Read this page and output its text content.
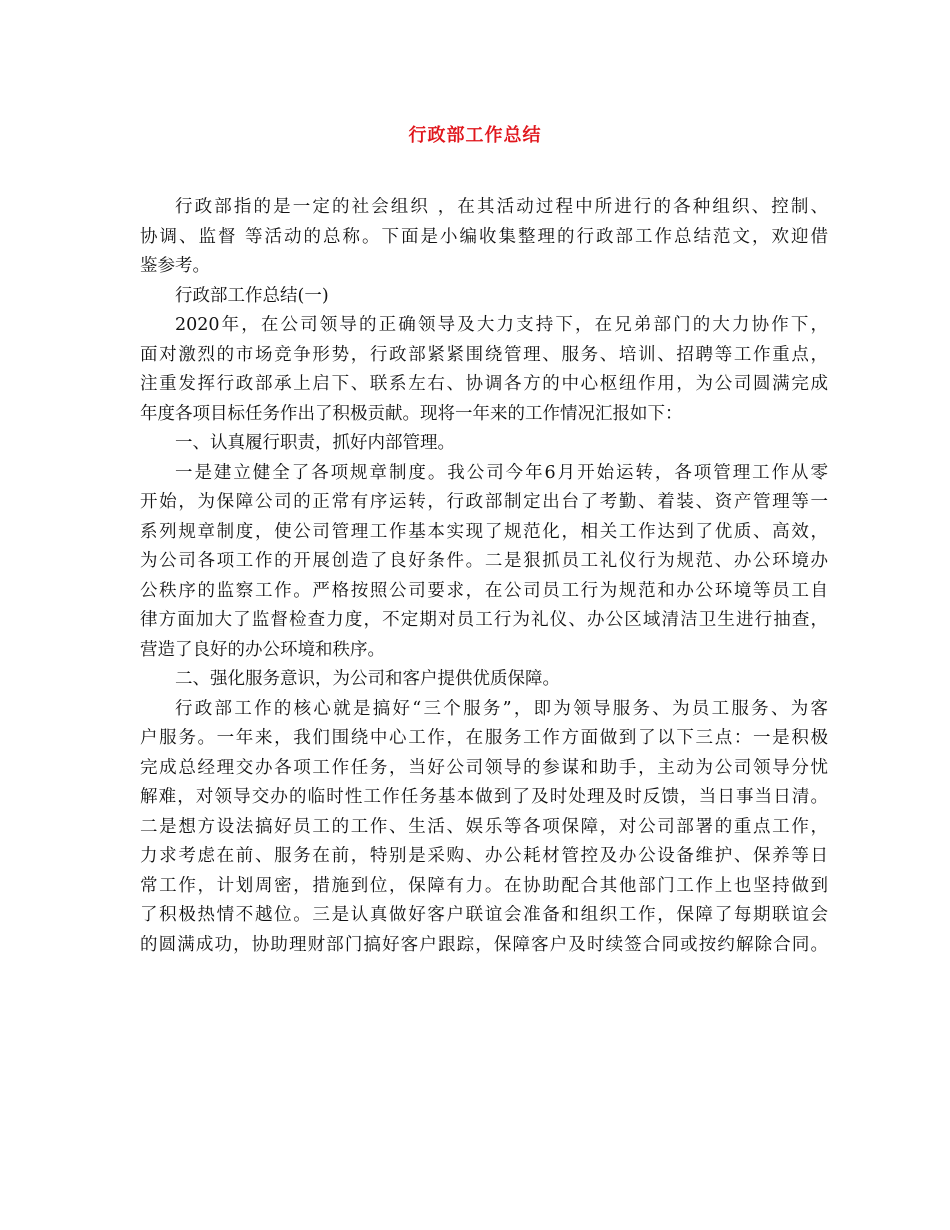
行政部工作总结
行政部指的是一定的社会组织 ，在其活动过程中所进行的各种组织、控制、
协调、监督 等活动的总称。下面是小编收集整理的行政部工作总结范文，欢迎借
鉴参考。
行政部工作总结(一)
2020年，在公司领导的正确领导及大力支持下，在兄弟部门的大力协作下，
面对激烈的市场竞争形势，行政部紧紧围绕管理、服务、培训、招聘等工作重点，
注重发挥行政部承上启下、联系左右、协调各方的中心枢纽作用，为公司圆满完成
年度各项目标任务作出了积极贡献。现将一年来的工作情况汇报如下：
一、认真履行职责，抓好内部管理。
一是建立健全了各项规章制度。我公司今年6月开始运转，各项管理工作从零
开始，为保障公司的正常有序运转，行政部制定出台了考勤、着装、资产管理等一
系列规章制度，使公司管理工作基本实现了规范化，相关工作达到了优质、高效，
为公司各项工作的开展创造了良好条件。二是狠抓员工礼仪行为规范、办公环境办
公秩序的监察工作。严格按照公司要求，在公司员工行为规范和办公环境等员工自
律方面加大了监督检查力度，不定期对员工行为礼仪、办公区域清洁卫生进行抽查，
营造了良好的办公环境和秩序。
二、强化服务意识，为公司和客户提供优质保障。
行政部工作的核心就是搞好“三个服务”，即为领导服务、为员工服务、为客
户服务。一年来，我们围绕中心工作，在服务工作方面做到了以下三点：一是积极
完成总经理交办各项工作任务，当好公司领导的参谋和助手，主动为公司领导分忧
解难，对领导交办的临时性工作任务基本做到了及时处理及时反馈，当日事当日清。
二是想方设法搞好员工的工作、生活、娱乐等各项保障，对公司部署的重点工作，
力求考虑在前、服务在前，特别是采购、办公耗材管控及办公设备维护、保养等日
常工作，计划周密，措施到位，保障有力。在协助配合其他部门工作上也坚持做到
了积极热情不越位。三是认真做好客户联谊会准备和组织工作，保障了每期联谊会
的圆满成功，协助理财部门搞好客户跟踪，保障客户及时续签合同或按约解除合同。
